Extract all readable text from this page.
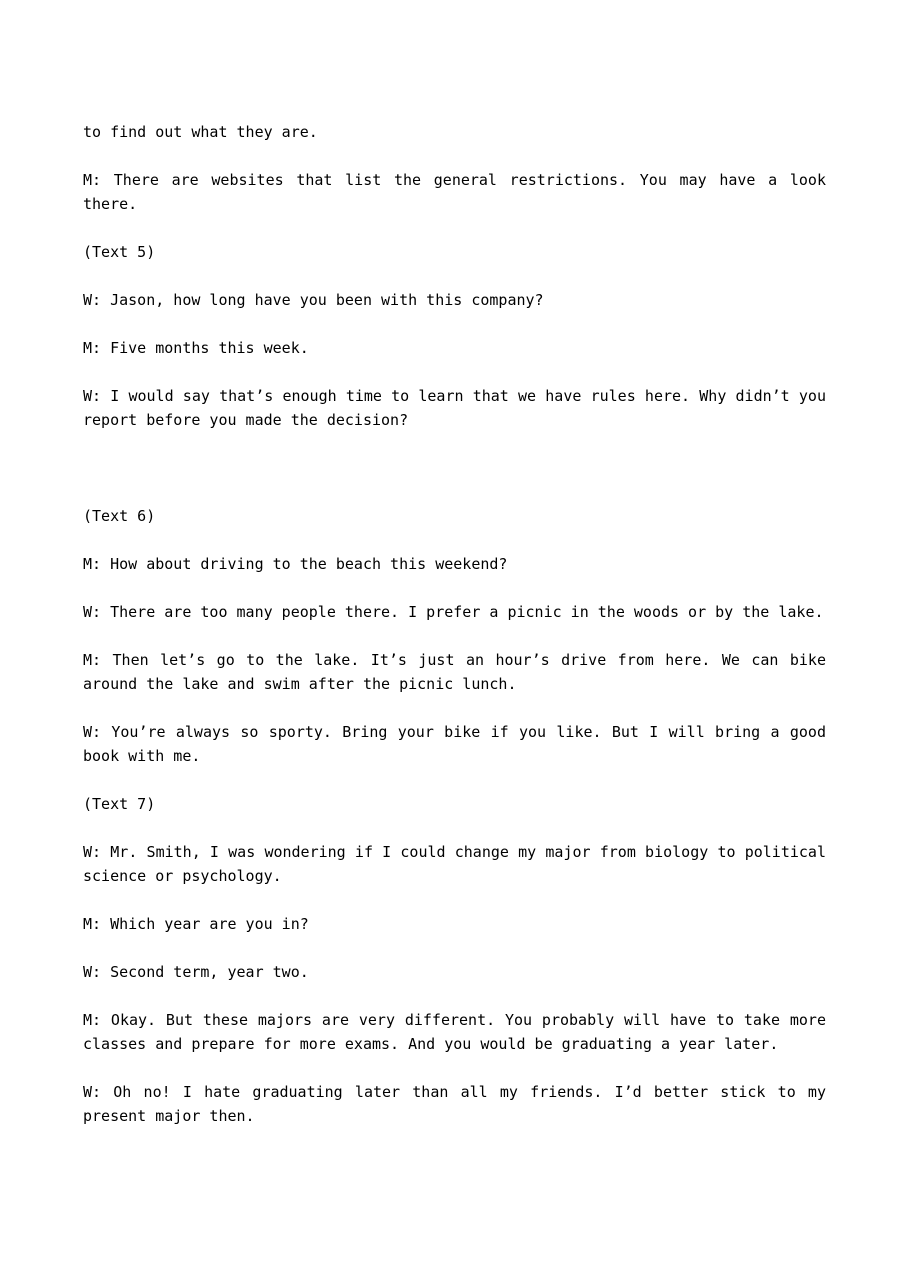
to find out what they are.

M: There are websites that list the general restrictions. You may have a look there.

(Text 5)

W: Jason, how long have you been with this company?

M: Five months this week.

W: I would say that’s enough time to learn that we have rules here. Why didn’t you report before you made the decision?

(Text 6)

M: How about driving to the beach this weekend?

W: There are too many people there. I prefer a picnic in the woods or by the lake.

M: Then let’s go to the lake. It’s just an hour’s drive from here. We can bike around the lake and swim after the picnic lunch.

W: You’re always so sporty. Bring your bike if you like. But I will bring a good book with me.

(Text 7)

W: Mr. Smith, I was wondering if I could change my major from biology to political science or psychology.

M: Which year are you in?

W: Second term, year two.

M: Okay. But these majors are very different. You probably will have to take more classes and prepare for more exams. And you would be graduating a year later.

W: Oh no! I hate graduating later than all my friends. I’d better stick to my present major then.
